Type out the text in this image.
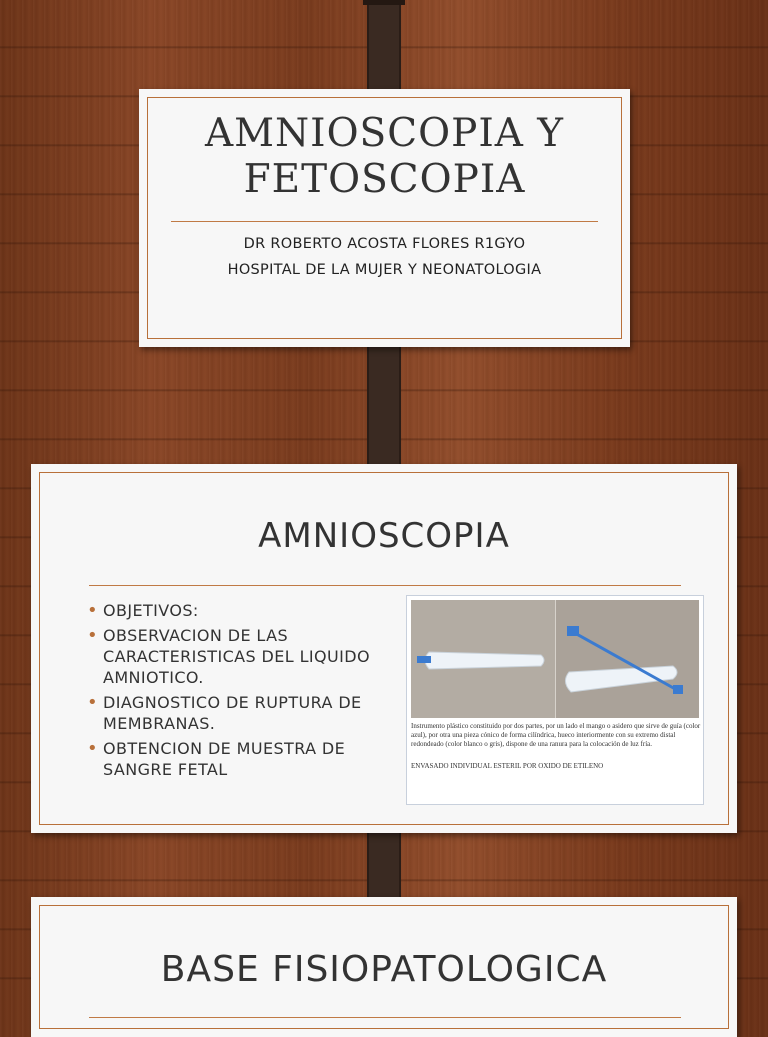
AMNIOSCOPIA Y
FETOSCOPIA
DR ROBERTO ACOSTA FLORES R1GYO
HOSPITAL DE LA MUJER Y NEONATOLOGIA
AMNIOSCOPIA
• OBJETIVOS:
• OBSERVACION DE LAS CARACTERISTICAS DEL LIQUIDO AMNIOTICO.
• DIAGNOSTICO DE RUPTURA DE MEMBRANAS.
• OBTENCION DE MUESTRA DE SANGRE FETAL
Instrumento plástico constituido por dos partes, por un lado el mango o asidero que sirve de guía (color azul), por otra una pieza cónico de forma cilíndrica, hueco interiormente con su extremo distal redondeado (color blanco o gris), dispone de una ranura para la colocación de luz fría.
ENVASADO INDIVIDUAL ESTERIL POR OXIDO DE ETILENO
BASE FISIOPATOLOGICA
